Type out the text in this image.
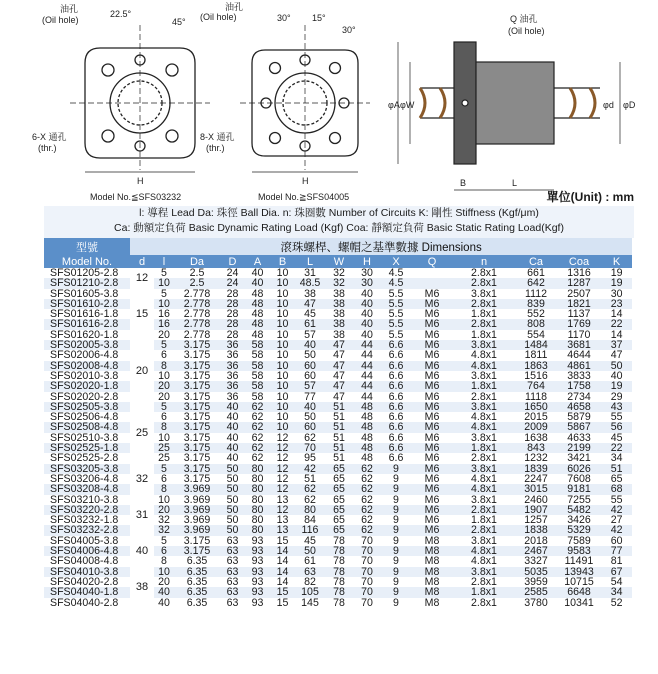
油孔
(Oil hole)
油孔
(Oil hole)	Q 油孔
(Oil hole)
22.5°
45°	30° 15°
30°
6-X 通孔
(thr.)
8-X 通孔
(thr.)
H	H
Model No.≦SFS03232	Model No.≧SFS04005
φA φW
B	L
φD
φd
單位(Unit) : mm
l: 導程 Lead Da: 珠徑 Ball Dia. n: 珠圈數 Number of Circuits K: 剛性 Stiffness (Kgf/μm)
Ca: 動額定負荷 Basic Dynamic Rating Load (Kgf) Coa: 靜額定負荷 Basic Static Rating Load(Kgf)
型號	滾珠螺桿、螺帽之基準數據 Dimensions														
Model No.	d	l	Da	D	A	B	L	W	H	X	Q	n	Ca	Coa	K
SFS01205-2.8	12	5	2.5	24	40	10	31	32	30	4.5		2.8x1	661	1316	19
SFS01210-2.8		10	2.5	24	40	10	48.5	32	30	4.5		2.8x1	642	1287	19
SFS01605-3.8	15	5	2.778	28	48	10	38	38	40	5.5	M6	3.8x1	1112	2507	30
SFS01610-2.8		10	2.778	28	48	10	47	38	40	5.5	M6	2.8x1	839	1821	23
SFS01616-1.8		16	2.778	28	48	10	45	38	40	5.5	M6	1.8x1	552	1137	14
SFS01616-2.8		16	2.778	28	48	10	61	38	40	5.5	M6	2.8x1	808	1769	22
SFS01620-1.8		20	2.778	28	48	10	57	38	40	5.5	M6	1.8x1	554	1170	14
SFS02005-3.8	20	5	3.175	36	58	10	40	47	44	6.6	M6	3.8x1	1484	3681	37
SFS02006-4.8		6	3.175	36	58	10	50	47	44	6.6	M6	4.8x1	1811	4644	47
SFS02008-4.8		8	3.175	36	58	10	60	47	44	6.6	M6	4.8x1	1863	4861	50
SFS02010-3.8		10	3.175	36	58	10	60	47	44	6.6	M6	3.8x1	1516	3833	40
SFS02020-1.8		20	3.175	36	58	10	57	47	44	6.6	M6	1.8x1	764	1758	19
SFS02020-2.8		20	3.175	36	58	10	77	47	44	6.6	M6	2.8x1	1118	2734	29
SFS02505-3.8	25	5	3.175	40	62	10	40	51	48	6.6	M6	3.8x1	1650	4658	43
SFS02506-4.8		6	3.175	40	62	10	50	51	48	6.6	M6	4.8x1	2015	5879	55
SFS02508-4.8		8	3.175	40	62	10	60	51	48	6.6	M6	4.8x1	2009	5867	56
SFS02510-3.8		10	3.175	40	62	12	62	51	48	6.6	M6	3.8x1	1638	4633	45
SFS02525-1.8		25	3.175	40	62	12	70	51	48	6.6	M6	1.8x1	843	2199	22
SFS02525-2.8		25	3.175	40	62	12	95	51	48	6.6	M6	2.8x1	1232	3421	34
SFS03205-3.8	32	5	3.175	50	80	12	42	65	62	9	M6	3.8x1	1839	6026	51
SFS03206-4.8		6	3.175	50	80	12	51	65	62	9	M6	4.8x1	2247	7608	65
SFS03208-4.8		8	3.969	50	80	12	62	65	62	9	M6	4.8x1	3015	9181	68
SFS03210-3.8	31	10	3.969	50	80	13	62	65	62	9	M6	3.8x1	2460	7255	55
SFS03220-2.8		20	3.969	50	80	12	80	65	62	9	M6	2.8x1	1907	5482	42
SFS03232-1.8		32	3.969	50	80	13	84	65	62	9	M6	1.8x1	1257	3426	27
SFS03232-2.8		32	3.969	50	80	13	116	65	62	9	M6	2.8x1	1838	5329	42
SFS04005-3.8	40	5	3.175	63	93	15	45	78	70	9	M8	3.8x1	2018	7589	60
SFS04006-4.8		6	3.175	63	93	14	50	78	70	9	M8	4.8x1	2467	9583	77
SFS04008-4.8		8	6.35	63	93	14	61	78	70	9	M8	4.8x1	3327	11491	81
SFS04010-3.8	38	10	6.35	63	93	14	63	78	70	9	M8	3.8x1	5035	13943	67
SFS04020-2.8		20	6.35	63	93	14	82	78	70	9	M8	2.8x1	3959	10715	54
SFS04040-1.8		40	6.35	63	93	15	105	78	70	9	M8	1.8x1	2585	6648	34
SFS04040-2.8		40	6.35	63	93	15	145	78	70	9	M8	2.8x1	3780	10341	52
